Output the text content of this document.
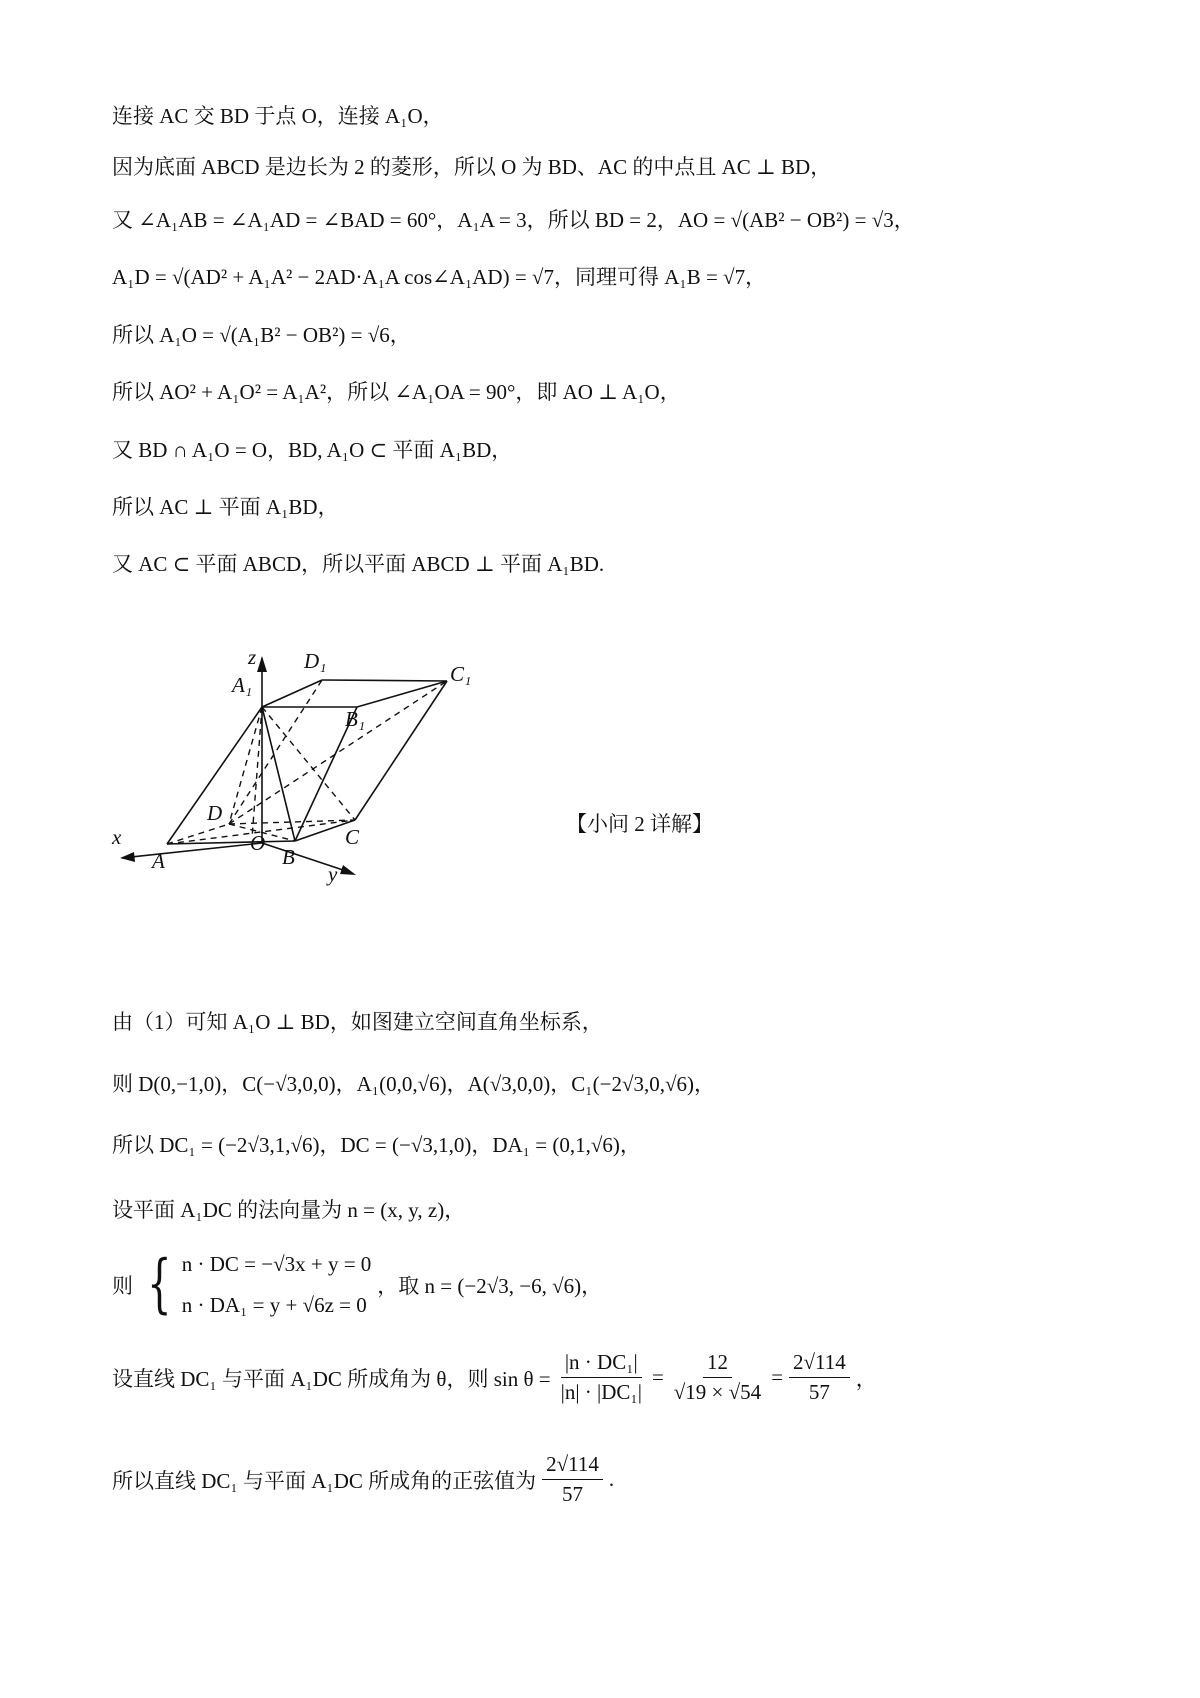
连接 AC 交 BD 于点 O，连接 A₁O，
因为底面 ABCD 是边长为 2 的菱形，所以 O 为 BD、AC 的中点且 AC ⊥ BD，
又 ∠A₁AB = ∠A₁AD = ∠BAD = 60°，A₁A = 3，所以 BD = 2，AO = √(AB² − OB²) = √3，
A₁D = √(AD² + A₁A² − 2AD·A₁A cos∠A₁AD) = √7，同理可得 A₁B = √7，
所以 A₁O = √(A₁B² − OB²) = √6，
所以 AO² + A₁O² = A₁A²，所以 ∠A₁OA = 90°，即 AO ⊥ A₁O，
又 BD ∩ A₁O = O，BD, A₁O ⊂ 平面 A₁BD，
所以 AC ⊥ 平面 A₁BD，
又 AC ⊂ 平面 ABCD，所以平面 ABCD ⊥ 平面 A₁BD.
z
x
y
A₁
D₁
C₁
B₁
D
O
A	B
C
【小问 2 详解】
由（1）可知 A₁O ⊥ BD，如图建立空间直角坐标系，
则 D(0,−1,0)，C(−√3,0,0)，A₁(0,0,√6)，A(√3,0,0)，C₁(−2√3,0,√6)，
所以 DC₁ = (−2√3,1,√6)，DC = (−√3,1,0)，DA₁ = (0,1,√6)，
设平面 A₁DC 的法向量为 n = (x, y, z)，
则 { n · DC = −√3x + y = 0
n · DA₁ = y + √6z = 0
，取 n = (−2√3, −6, √6)，
设直线 DC₁ 与平面 A₁DC 所成角为 θ，则 $\sin \theta = \frac{\text{|n · DC₁|}}{\text{|n| · |DC₁|}} = \frac{12}{√19 \times √54} = \frac{2√114}{57}$ ，
所以直线 DC₁ 与平面 A₁DC 所成角的正弦值为 $\frac{2√114}{57}$ .
